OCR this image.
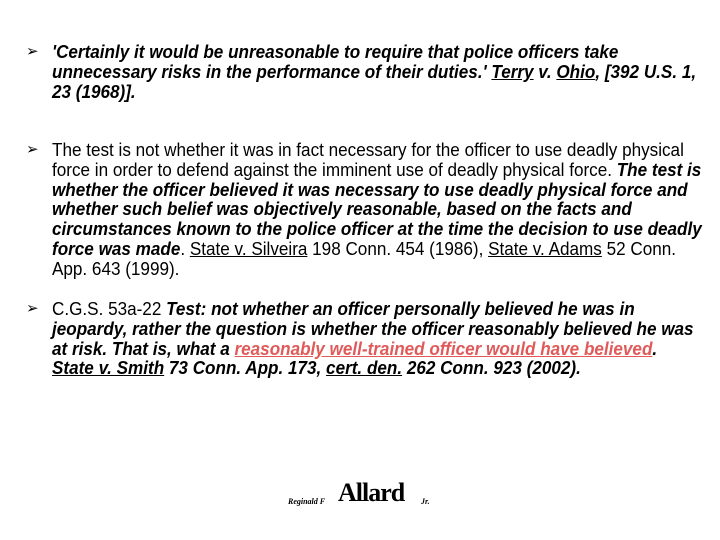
➢ 'Certainly it would be unreasonable to require that police officers take unnecessary risks in the performance of their duties.' Terry v. Ohio, [392 U.S. 1, 23 (1968)].
➢ The test is not whether it was in fact necessary for the officer to use deadly physical force in order to defend against the imminent use of deadly physical force. The test is whether the officer believed it was necessary to use deadly physical force and whether such belief was objectively reasonable, based on the facts and circumstances known to the police officer at the time the decision to use deadly force was made. State v. Silveira 198 Conn. 454 (1986), State v. Adams 52 Conn. App. 643 (1999).
➢ C.G.S. 53a-22 Test: not whether an officer personally believed he was in jeopardy, rather the question is whether the officer reasonably believed he was at risk. That is, what a reasonably well-trained officer would have believed. State v. Smith 73 Conn. App. 173, cert. den. 262 Conn. 923 (2002).
Reginald F Allard Jr.
